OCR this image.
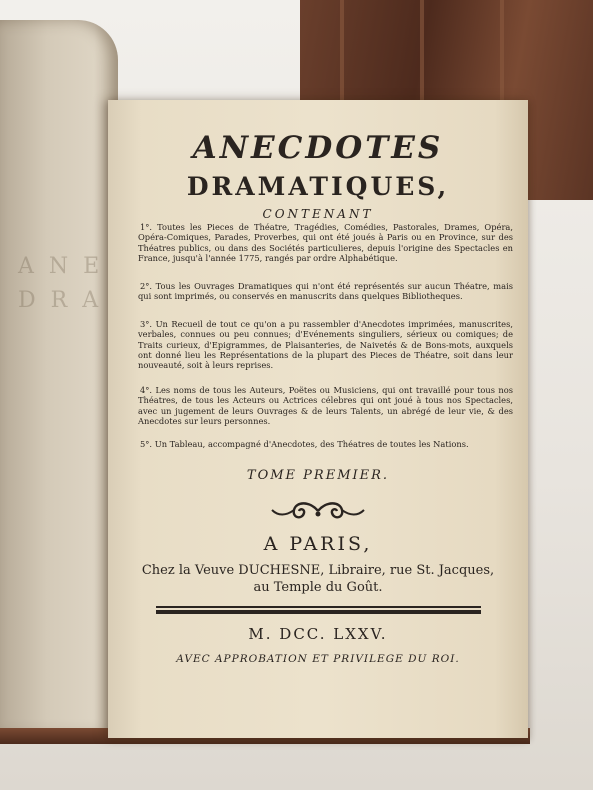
A N E
D R A
ANECDOTES
DRAMATIQUES,
CONTENANT
1°. Toutes les Pieces de Théatre, Tragédies, Comédies, Pastorales, Drames, Opéra, Opéra-Comiques, Parades, Proverbes, qui ont été joués à Paris ou en Province, sur des Théatres publics, ou dans des Sociétés particulieres, depuis l'origine des Spectacles en France, jusqu'à l'année 1775, rangés par ordre Alphabétique.
2°. Tous les Ouvrages Dramatiques qui n'ont été représentés sur aucun Théatre, mais qui sont imprimés, ou conservés en manuscrits dans quelques Bibliotheques.
3°. Un Recueil de tout ce qu'on a pu rassembler d'Anecdotes imprimées, manuscrites, verbales, connues ou peu connues; d'Evénements singuliers, sérieux ou comiques; de Traits curieux, d'Epigrammes, de Plaisanteries, de Naivetés & de Bons-mots, auxquels ont donné lieu les Représentations de la plupart des Pieces de Théatre, soit dans leur nouveauté, soit à leurs reprises.
4°. Les noms de tous les Auteurs, Poëtes ou Musiciens, qui ont travaillé pour tous nos Théatres, de tous les Acteurs ou Actrices célebres qui ont joué à tous nos Spectacles, avec un jugement de leurs Ouvrages & de leurs Talents, un abrégé de leur vie, & des Anecdotes sur leurs personnes.
5°. Un Tableau, accompagné d'Anecdotes, des Théatres de toutes les Nations.
TOME PREMIER.
A PARIS,
Chez la Veuve DUCHESNE, Libraire, rue St. Jacques,
au Temple du Goût.
M. DCC. LXXV.
AVEC APPROBATION ET PRIVILEGE DU ROI.
